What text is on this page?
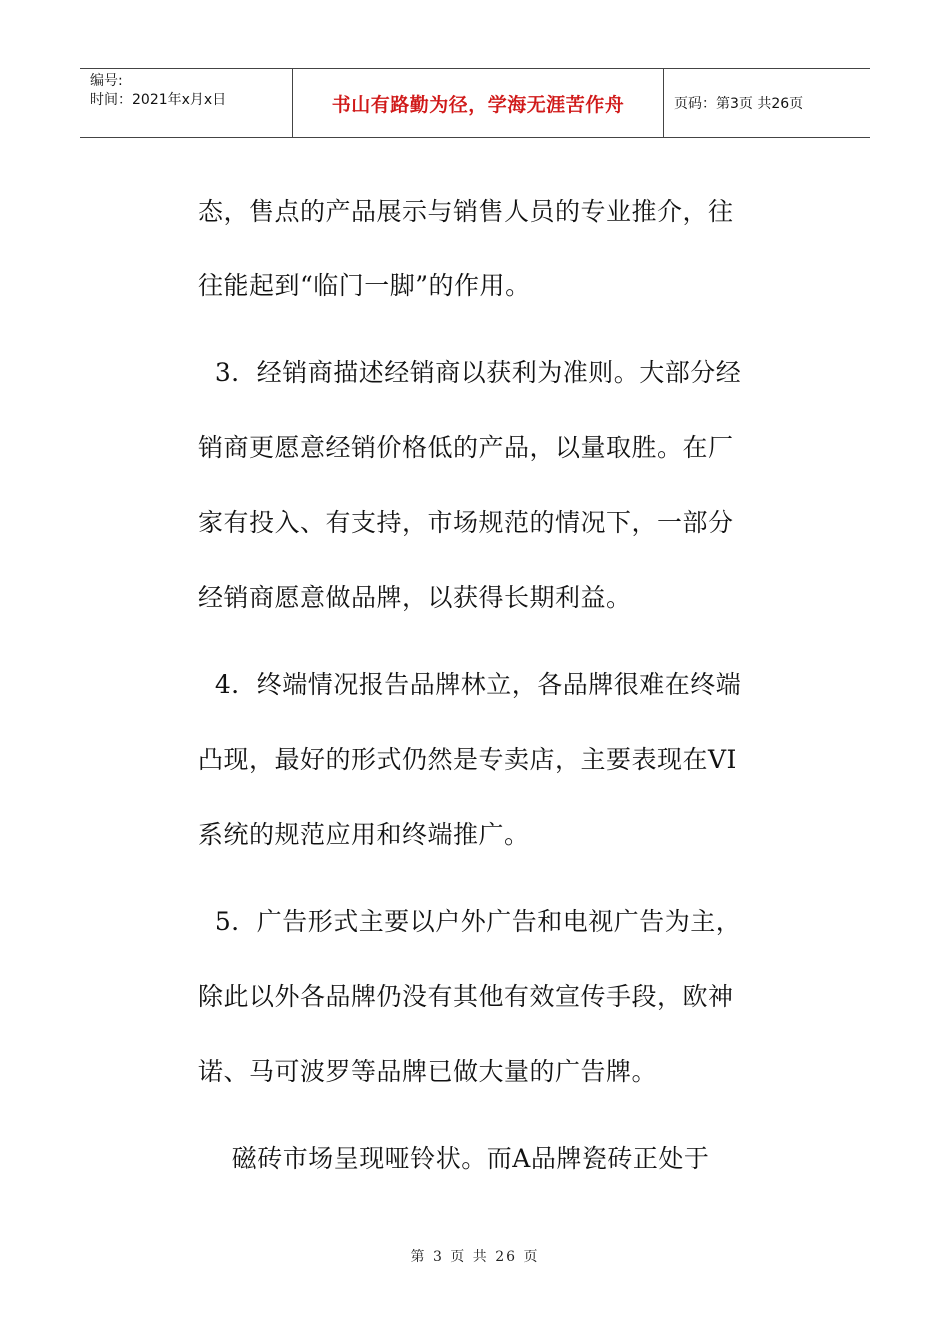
编号:
时间：2021年x月x日	书山有路勤为径，学海无涯苦作舟	页码：第3页 共26页
态，售点的产品展示与销售人员的专业推介，往
往能起到“临门一脚”的作用。
3．经销商描述经销商以获利为准则。大部分经
销商更愿意经销价格低的产品，以量取胜。在厂
家有投入、有支持，市场规范的情况下，一部分
经销商愿意做品牌，以获得长期利益。
4．终端情况报告品牌林立，各品牌很难在终端
凸现，最好的形式仍然是专卖店，主要表现在VI
系统的规范应用和终端推广。
5．广告形式主要以户外广告和电视广告为主，
除此以外各品牌仍没有其他有效宣传手段，欧神
诺、马可波罗等品牌已做大量的广告牌。
磁砖市场呈现哑铃状。而A品牌瓷砖正处于
第 3 页 共 26 页
